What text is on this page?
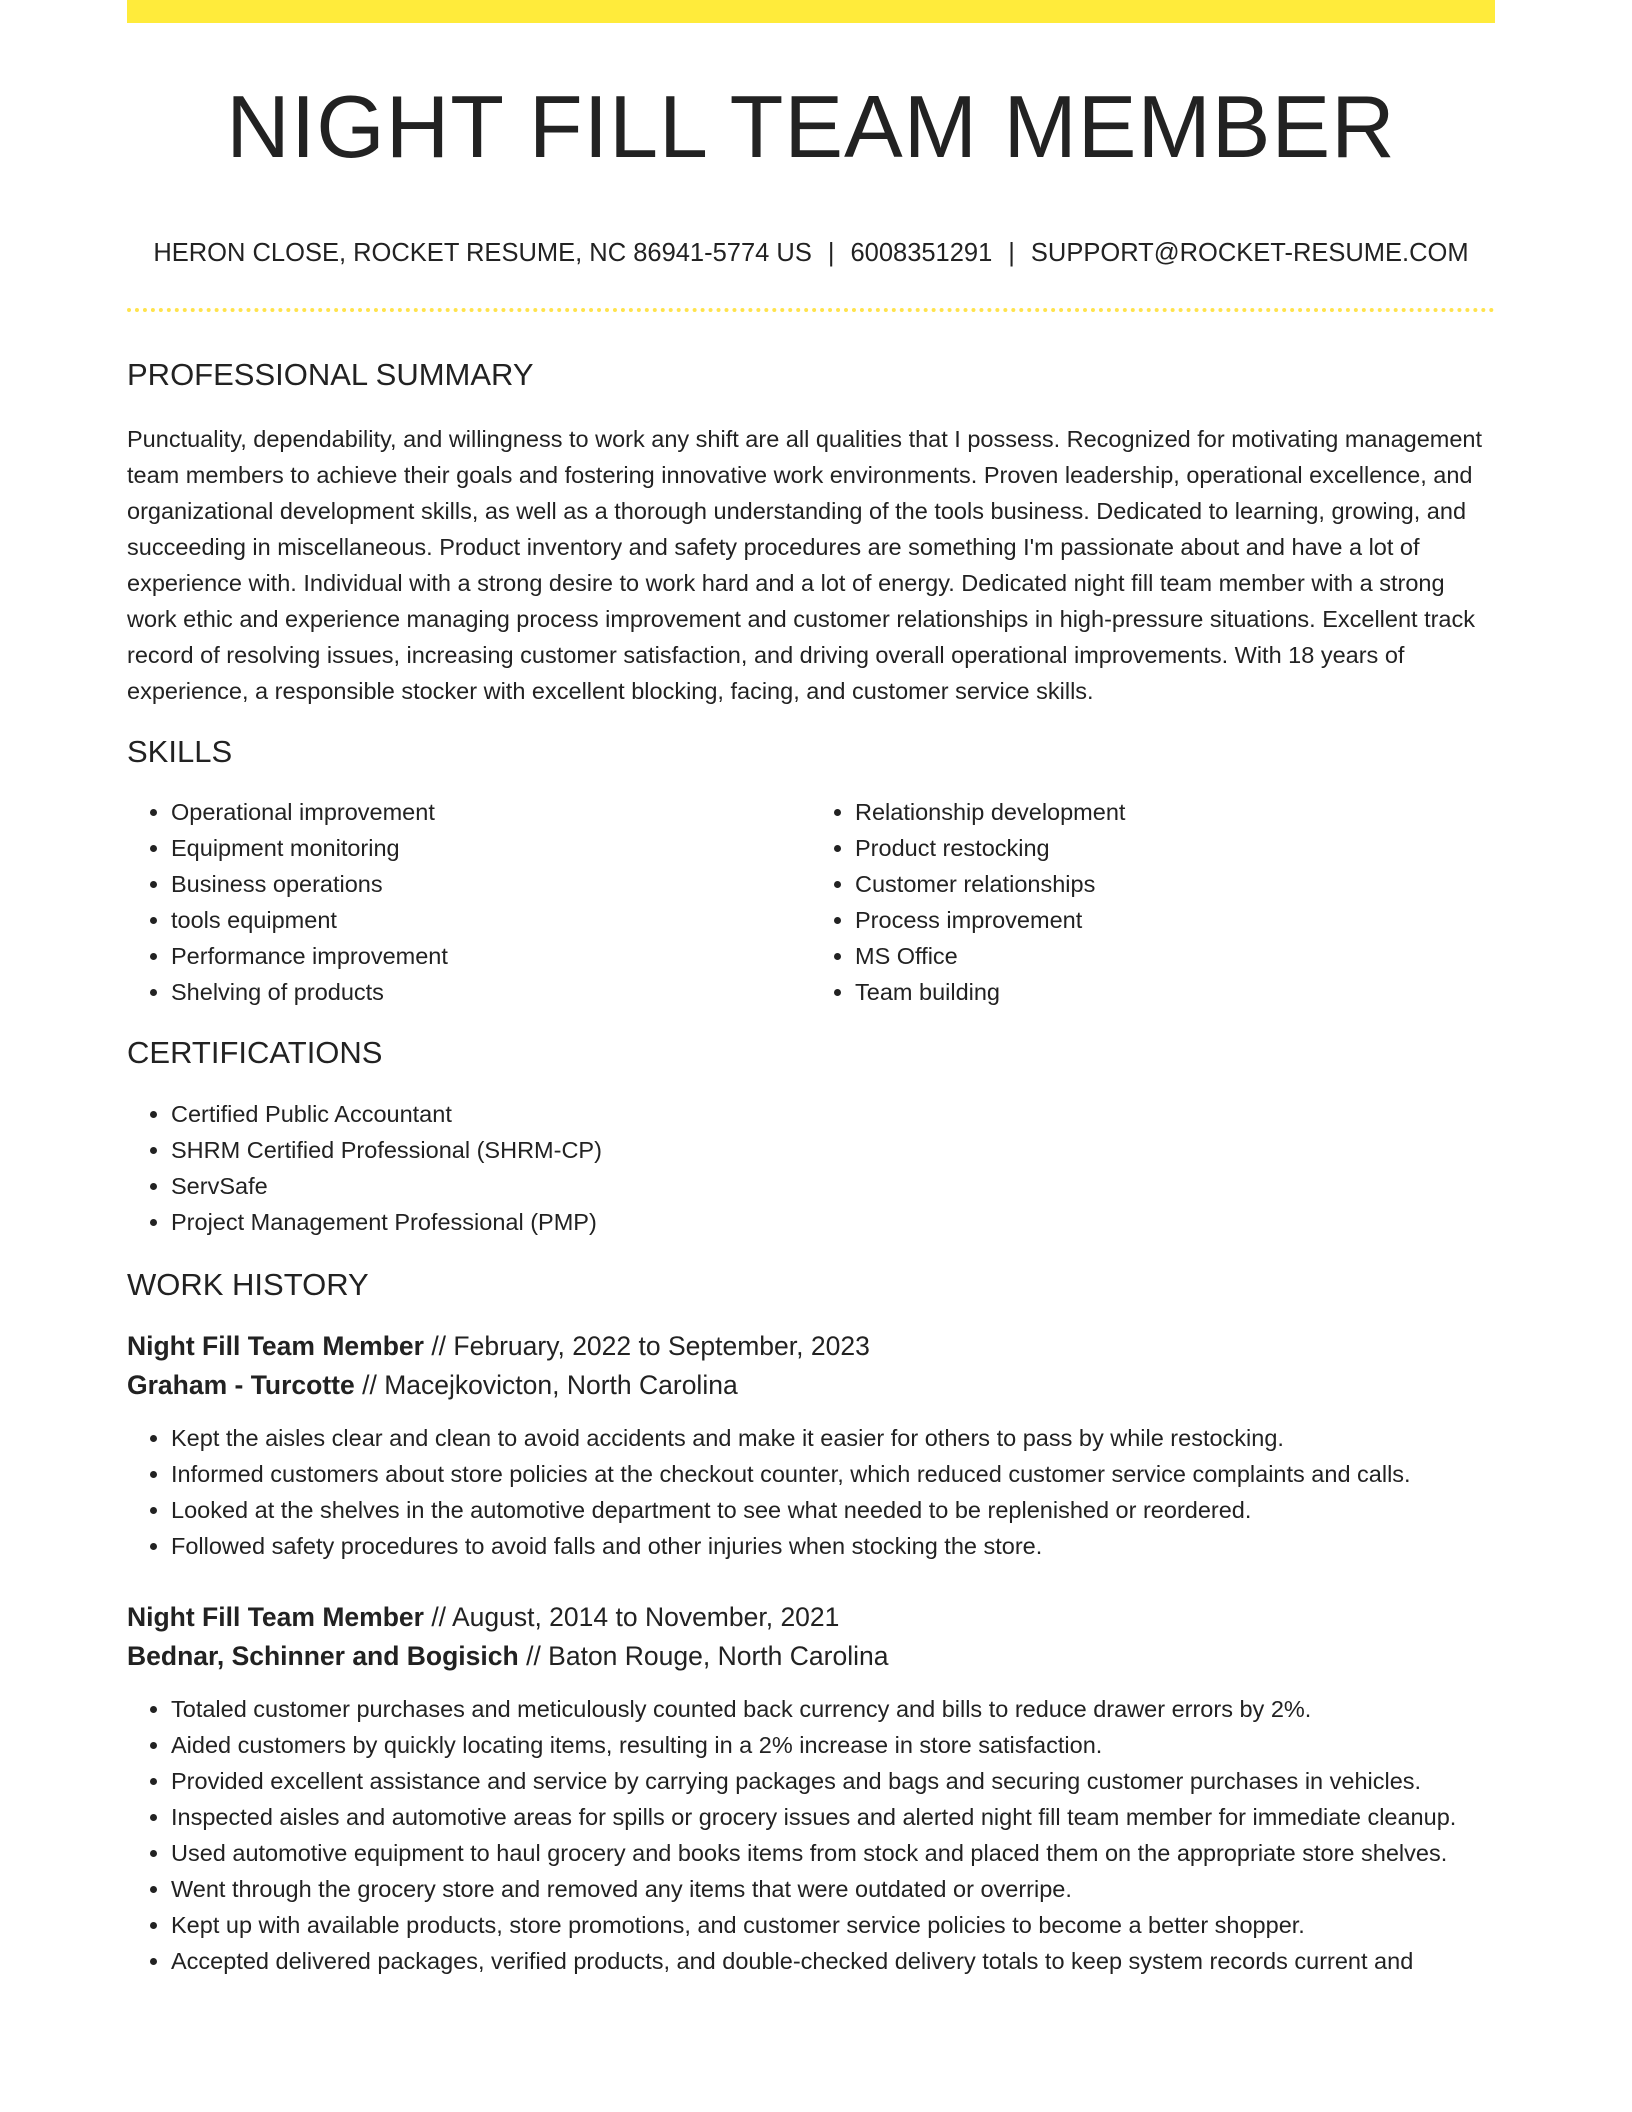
NIGHT FILL TEAM MEMBER
HERON CLOSE, ROCKET RESUME, NC 86941-5774 US | 6008351291 | SUPPORT@ROCKET-RESUME.COM
PROFESSIONAL SUMMARY

Punctuality, dependability, and willingness to work any shift are all qualities that I possess. Recognized for motivating management team members to achieve their goals and fostering innovative work environments. Proven leadership, operational excellence, and organizational development skills, as well as a thorough understanding of the tools business. Dedicated to learning, growing, and succeeding in miscellaneous. Product inventory and safety procedures are something I'm passionate about and have a lot of experience with. Individual with a strong desire to work hard and a lot of energy. Dedicated night fill team member with a strong work ethic and experience managing process improvement and customer relationships in high-pressure situations. Excellent track record of resolving issues, increasing customer satisfaction, and driving overall operational improvements. With 18 years of experience, a responsible stocker with excellent blocking, facing, and customer service skills.

SKILLS
• Operational improvement
• Equipment monitoring
• Business operations
• tools equipment
• Performance improvement
• Shelving of products
• Relationship development
• Product restocking
• Customer relationships
• Process improvement
• MS Office
• Team building
CERTIFICATIONS
• Certified Public Accountant
• SHRM Certified Professional (SHRM-CP)
• ServSafe
• Project Management Professional (PMP)
WORK HISTORY
Night Fill Team Member // February, 2022 to September, 2023
Graham - Turcotte // Macejkovicton, North Carolina
• Kept the aisles clear and clean to avoid accidents and make it easier for others to pass by while restocking.
• Informed customers about store policies at the checkout counter, which reduced customer service complaints and calls.
• Looked at the shelves in the automotive department to see what needed to be replenished or reordered.
• Followed safety procedures to avoid falls and other injuries when stocking the store.
Night Fill Team Member // August, 2014 to November, 2021
Bednar, Schinner and Bogisich // Baton Rouge, North Carolina
• Totaled customer purchases and meticulously counted back currency and bills to reduce drawer errors by 2%.
• Aided customers by quickly locating items, resulting in a 2% increase in store satisfaction.
• Provided excellent assistance and service by carrying packages and bags and securing customer purchases in vehicles.
• Inspected aisles and automotive areas for spills or grocery issues and alerted night fill team member for immediate cleanup.
• Used automotive equipment to haul grocery and books items from stock and placed them on the appropriate store shelves.
• Went through the grocery store and removed any items that were outdated or overripe.
• Kept up with available products, store promotions, and customer service policies to become a better shopper.
• Accepted delivered packages, verified products, and double-checked delivery totals to keep system records current and
